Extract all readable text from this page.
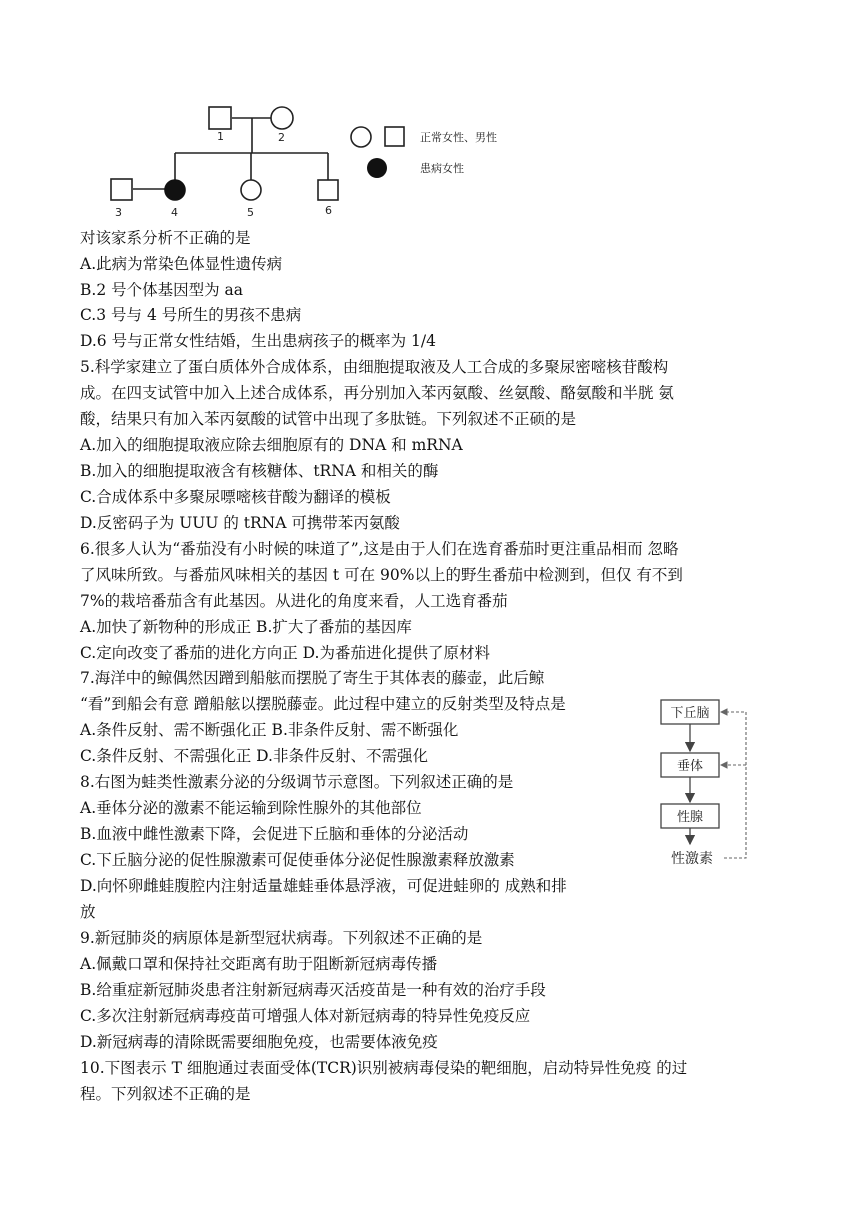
1	2
3	4	5	6
正常女性、男性
患病女性
下丘脑
垂体
性腺
性激素
对该家系分析不正确的是
A.此病为常染色体显性遗传病
B.2 号个体基因型为 aa
C.3 号与 4 号所生的男孩不患病
D.6 号与正常女性结婚，生出患病孩子的概率为 1/4
5.科学家建立了蛋白质体外合成体系，由细胞提取液及人工合成的多聚尿密嘧核苷酸构
成。在四支试管中加入上述合成体系，再分别加入苯丙氨酸、丝氨酸、酪氨酸和半胱 氨
酸，结果只有加入苯丙氨酸的试管中出现了多肽链。下列叙述不正硕的是
A.加入的细胞提取液应除去细胞原有的 DNA 和 mRNA
B.加入的细胞提取液含有核糖体、tRNA 和相关的酶
C.合成体系中多聚尿嘌嘧核苷酸为翻译的模板
D.反密码子为 UUU 的 tRNA 可携带苯丙氨酸
6.很多人认为“番茄没有小时候的味道了”,这是由于人们在选育番茄时更注重品相而 忽略
了风味所致。与番茄风味相关的基因 t 可在 90%以上的野生番茄中检测到，但仅 有不到
7%的栽培番茄含有此基因。从进化的角度来看，人工选育番茄
A.加快了新物种的形成正 B.扩大了番茄的基因库
C.定向改变了番茄的进化方向正 D.为番茄进化提供了原材料
7.海洋中的鲸偶然因蹭到船舷而摆脱了寄生于其体表的藤壶，此后鲸
“看”到船会有意 蹭船舷以摆脱藤壶。此过程中建立的反射类型及特点是
A.条件反射、需不断强化正 B.非条件反射、需不断强化
C.条件反射、不需强化正 D.非条件反射、不需强化
8.右图为蛙类性激素分泌的分级调节示意图。下列叙述正确的是
A.垂体分泌的激素不能运输到除性腺外的其他部位
B.血液中雌性激素下降，会促进下丘脑和垂体的分泌活动
C.下丘脑分泌的促性腺激素可促使垂体分泌促性腺激素释放激素
D.向怀卵雌蛙腹腔内注射适量雄蛙垂体悬浮液，可促进蛙卵的 成熟和排
放
9.新冠肺炎的病原体是新型冠状病毒。下列叙述不正确的是
A.佩戴口罩和保持社交距离有助于阻断新冠病毒传播
B.给重症新冠肺炎患者注射新冠病毒灭活疫苗是一种有效的治疗手段
C.多次注射新冠病毒疫苗可增强人体对新冠病毒的特异性免疫反应
D.新冠病毒的清除既需要细胞免疫，也需要体液免疫
10.下图表示 T 细胞通过表面受体(TCR)识别被病毒侵染的靶细胞，启动特异性免疫 的过
程。下列叙述不正确的是
